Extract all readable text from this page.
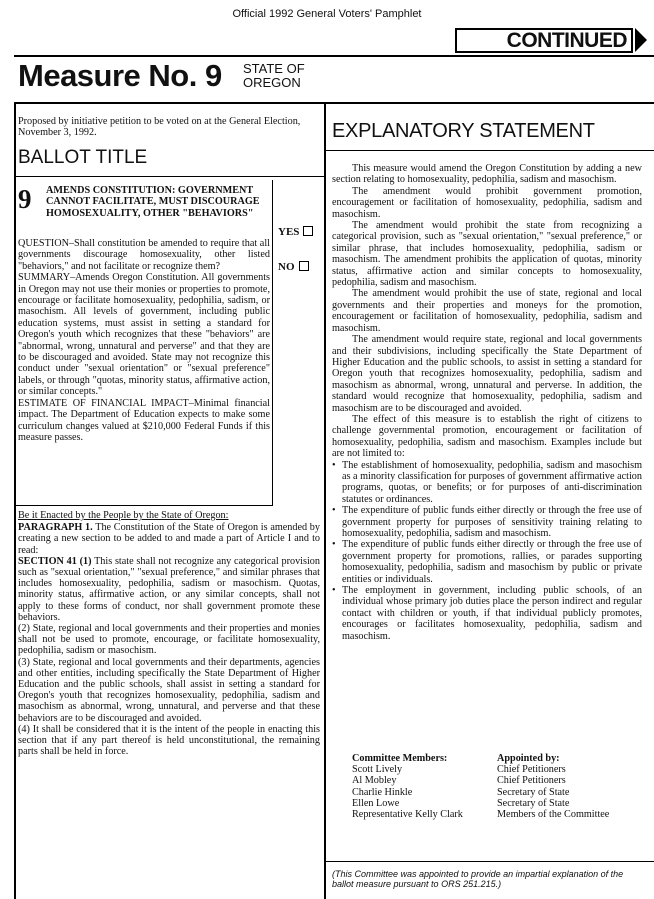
Official 1992 General Voters' Pamphlet
CONTINUED
Measure No. 9 STATE OF
OREGON
Proposed by initiative petition to be voted on at the General Election, November 3, 1992.
BALLOT TITLE
9 AMENDS CONSTITUTION: GOVERNMENT CANNOT FACILITATE, MUST DISCOURAGE HOMOSEXUALITY, OTHER "BEHAVIORS"

QUESTION–Shall constitution be amended to require that all governments discourage homosexuality, other listed "behaviors," and not facilitate or recognize them?

SUMMARY–Amends Oregon Constitution. All governments in Oregon may not use their monies or properties to promote, encourage or facilitate homosexuality, pedophilia, sadism, or masochism. All levels of government, including public education systems, must assist in setting a standard for Oregon's youth which recognizes that these "behaviors" are "abnormal, wrong, unnatural and perverse" and that they are to be discouraged and avoided. State may not recognize this conduct under "sexual orientation" or "sexual preference" labels, or through "quotas, minority status, affirmative action, or similar concepts."

ESTIMATE OF FINANCIAL IMPACT–Minimal financial impact. The Department of Education expects to make some curriculum changes valued at $210,000 Federal Funds if this measure passes.

YES
NO

Be it Enacted by the People by the State of Oregon:

PARAGRAPH 1. The Constitution of the State of Oregon is amended by creating a new section to be added to and made a part of Article I and to read:

SECTION 41 (1) This state shall not recognize any categorical provision such as "sexual orientation," "sexual preference," and similar phrases that includes homosexuality, pedophilia, sadism or masochism. Quotas, minority status, affirmative action, or any similar concepts, shall not apply to these forms of conduct, nor shall government promote these behaviors.

(2) State, regional and local governments and their properties and monies shall not be used to promote, encourage, or facilitate homosexuality, pedophilia, sadism or masochism.

(3) State, regional and local governments and their departments, agencies and other entities, including specifically the State Department of Higher Education and the public schools, shall assist in setting a standard for Oregon's youth that recognizes homosexuality, pedophilia, sadism and masochism as abnormal, wrong, unnatural, and perverse and that these behaviors are to be discouraged and avoided.

(4) It shall be considered that it is the intent of the people in enacting this section that if any part thereof is held unconstitutional, the remaining parts shall be held in force.

EXPLANATORY STATEMENT

This measure would amend the Oregon Constitution by adding a new section relating to homosexuality, pedophilia, sadism and masochism.

The amendment would prohibit government promotion, encouragement or facilitation of homosexuality, pedophilia, sadism and masochism.

The amendment would prohibit the state from recognizing a categorical provision, such as "sexual orientation," "sexual preference," or similar phrase, that includes homosexuality, pedophilia, sadism or masochism. The amendment prohibits the application of quotas, minority status, affirmative action and similar concepts to homosexuality, pedophilia, sadism and masochism.

The amendment would prohibit the use of state, regional and local governments and their properties and moneys for the promotion, encouragement or facilitation of homosexuality, pedophilia, sadism and masochism.

The amendment would require state, regional and local governments and their subdivisions, including specifically the State Department of Higher Education and the public schools, to assist in setting a standard for Oregon youth that recognizes homosexuality, pedophilia, sadism and masochism as abnormal, wrong, unnatural and perverse. In addition, the standard would recognize that homosexuality, pedophilia, sadism and masochism are to be discouraged and avoided.

The effect of this measure is to establish the right of citizens to challenge governmental promotion, encouragement or facilitation of homosexuality, pedophilia, sadism and masochism. Examples include but are not limited to:

• The establishment of homosexuality, pedophilia, sadism and masochism as a minority classification for purposes of government affirmative action programs, quotas, or benefits; or for purposes of anti-discrimination statutes or ordinances.

• The expenditure of public funds either directly or through the free use of government property for purposes of sensitivity training relating to homosexuality, pedophilia, sadism and masochism.

• The expenditure of public funds either directly or through the free use of government property for promotions, rallies, or parades supporting homosexuality, pedophilia, sadism and masochism by public or private entities or individuals.

• The employment in government, including public schools, of an individual whose primary job duties place the person indirect and regular contact with children or youth, if that individual publicly promotes, encourages or facilitates homosexuality, pedophilia, sadism and masochism.

Committee Members:
Scott Lively
Al Mobley
Charlie Hinkle
Ellen Lowe
Representative Kelly Clark
Appointed by:
Chief Petitioners
Chief Petitioners
Secretary of State
Secretary of State
Members of the Committee
(This Committee was appointed to provide an impartial explanation of the ballot measure pursuant to ORS 251.215.)
